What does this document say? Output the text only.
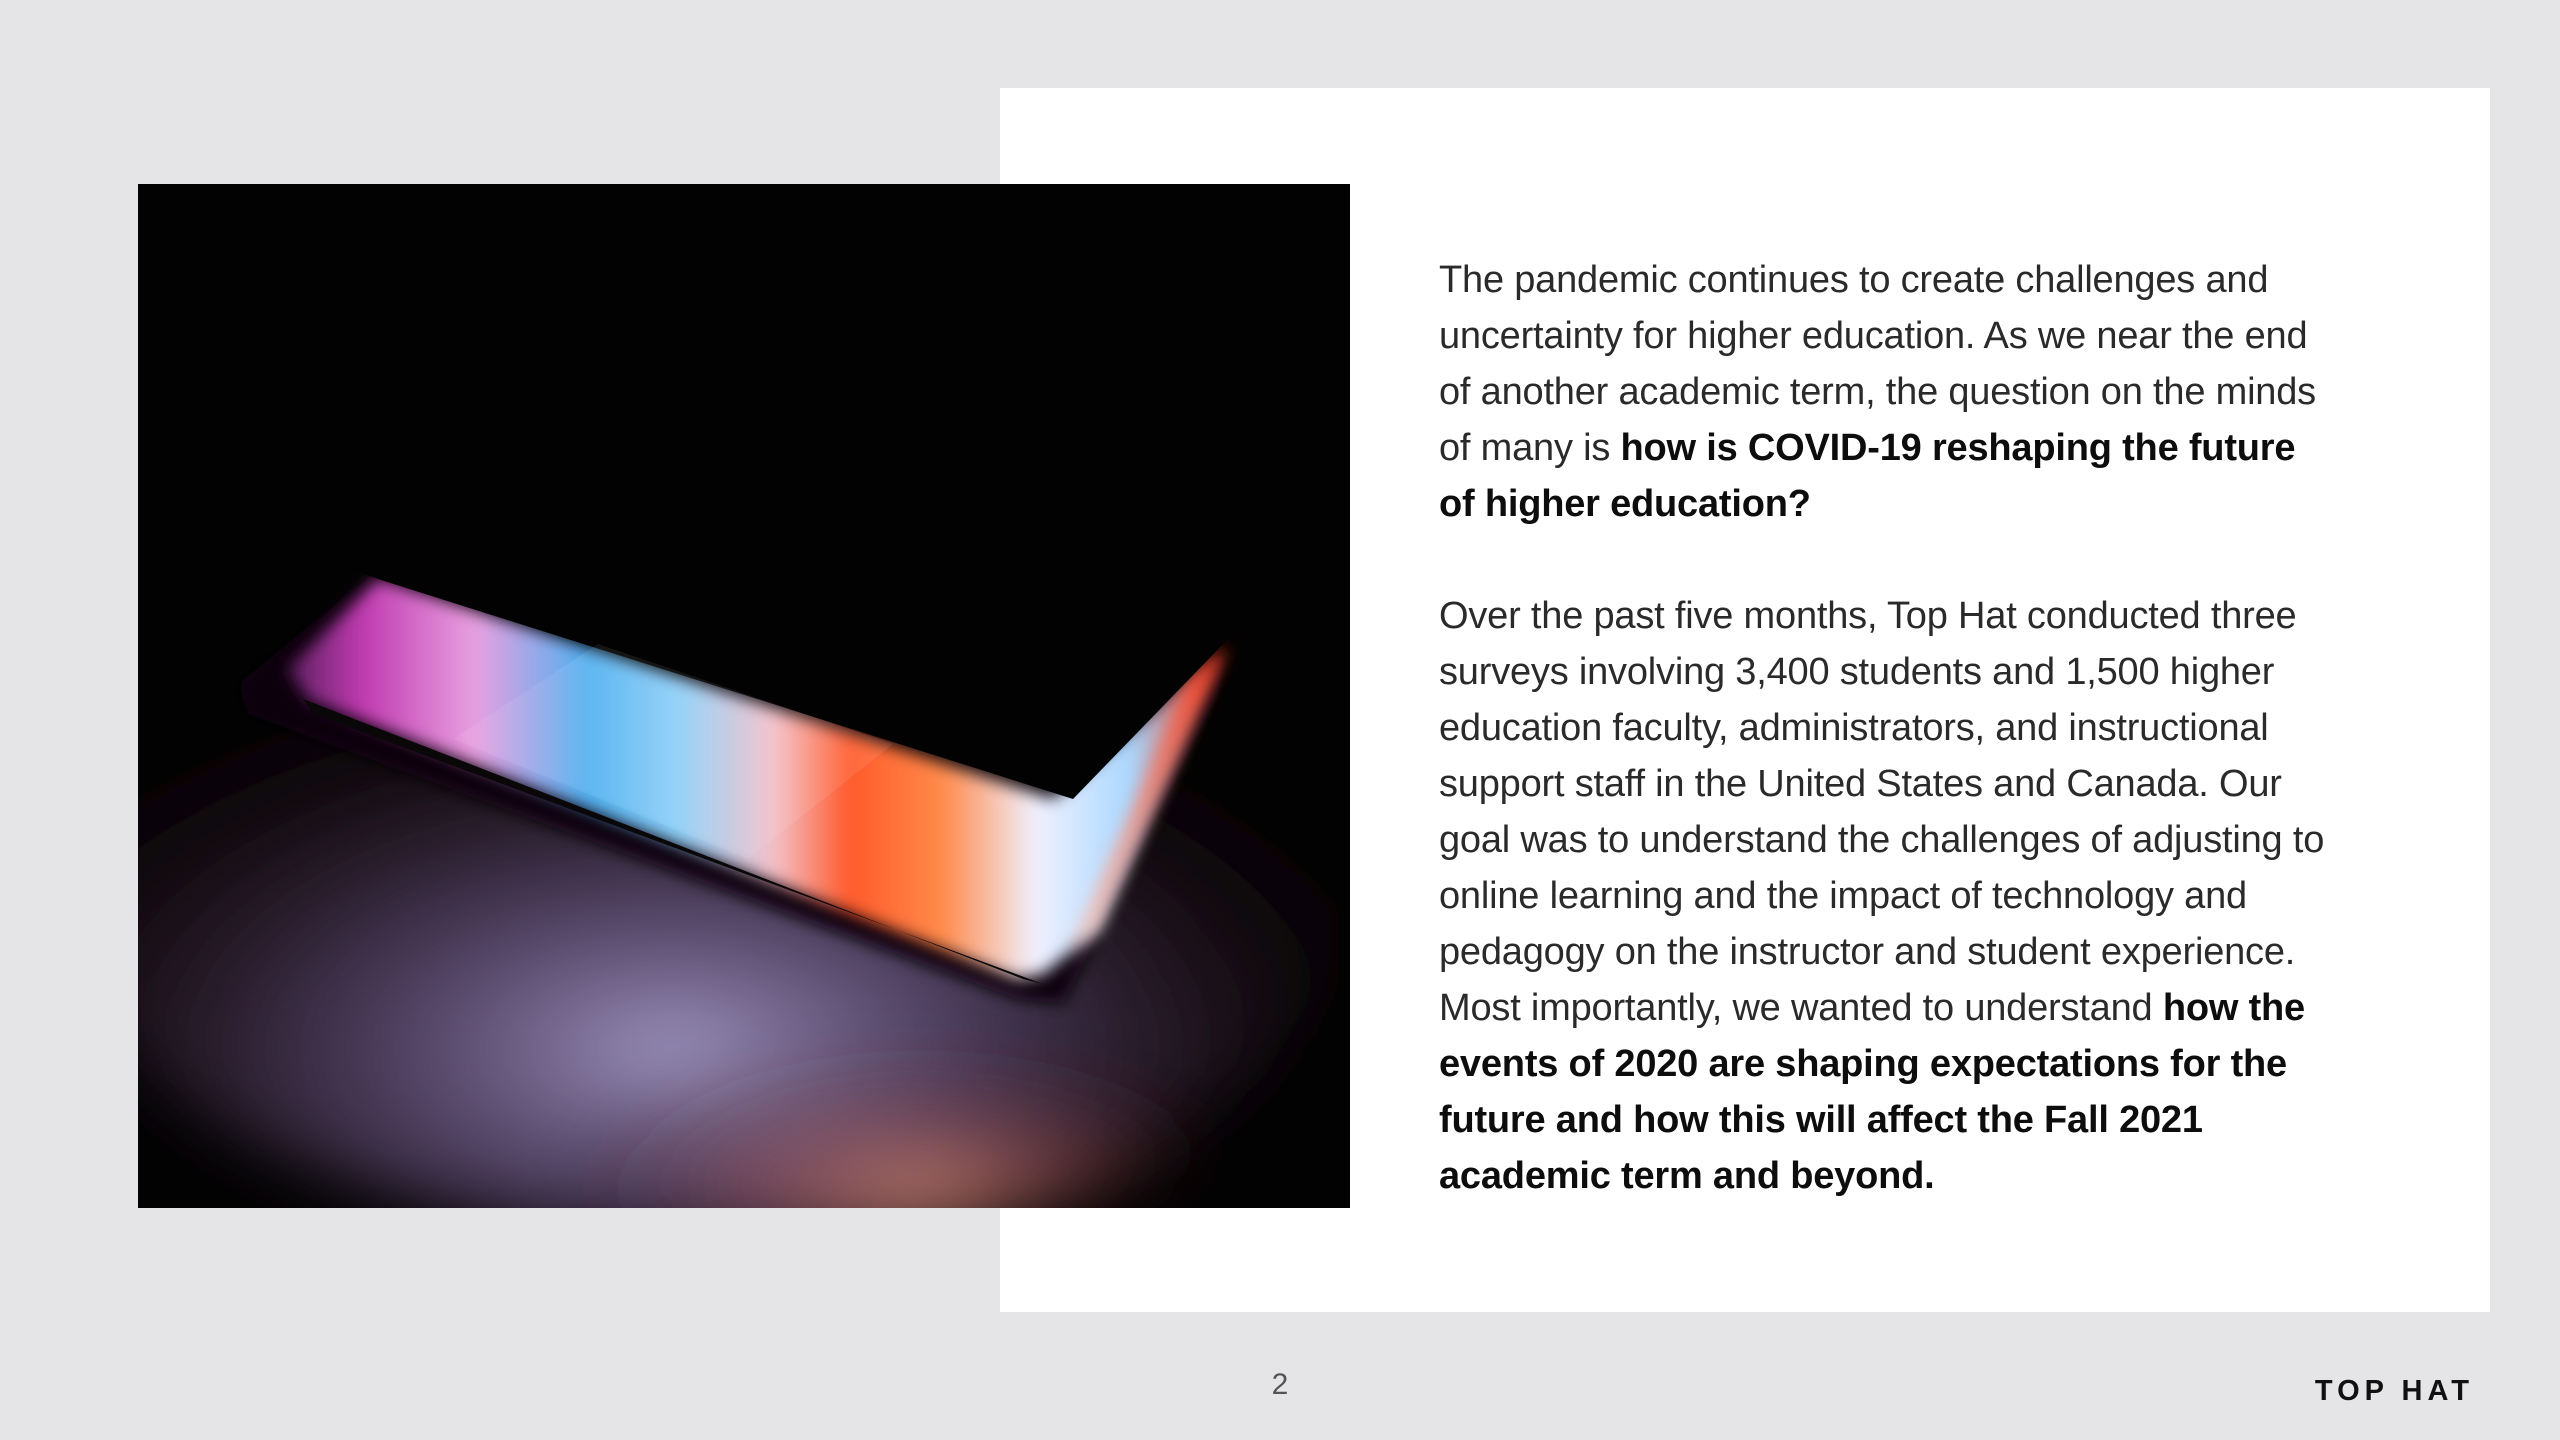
The pandemic continues to create challenges and uncertainty for higher education. As we near the end of another academic term, the question on the minds of many is how is COVID-19 reshaping the future of higher education?

Over the past five months, Top Hat conducted three surveys involving 3,400 students and 1,500 higher education faculty, administrators, and instructional support staff in the United States and Canada. Our goal was to understand the challenges of adjusting to online learning and the impact of technology and pedagogy on the instructor and student experience. Most importantly, we wanted to understand how the events of 2020 are shaping expectations for the future and how this will affect the Fall 2021 academic term and beyond.

2	TOP HAT
